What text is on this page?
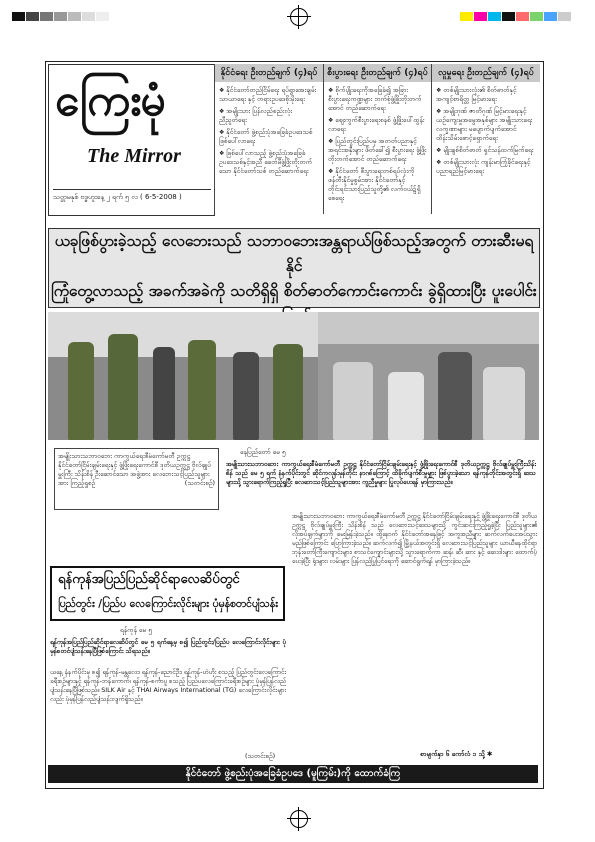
ကြေးမုံ
The Mirror
သတ္တမနှစ် ဗဒ္ဓဟူးနေ့ ၂ ရက် ၅ လ ( 6-5-2008 )
နိုင်ငံရေး ဦးတည်ချက် (၄)ရပ်
❖ နိုင်ငံတော်တည်ငြိမ်ရေး ရပ်ရွာအေးချမ်းသာယာရေး နှင့် တရားဥပဒေစိုးမိုးရေး
❖ အမျိုးသား ပြန်လည်စည်းလုံးညီညွတ်ရေး
❖ နိုင်ငံတော် ဖွဲ့စည်းပုံအခြေခံဥပဒေသစ် ဖြစ်ပေါ်လာရေး
❖ ဖြစ်ပေါ်လာသည့် ဖွဲ့စည်းပုံအခြေခံဥပဒေသစ်နှင့်အညီ ခေတ်မီဖွံ့ဖြိုးတိုးတက်သော နိုင်ငံတော်သစ် တည်ဆောက်ရေး
စီးပွားရေး ဦးတည်ချက် (၄)ရပ်
❖ စိုက်ပျိုးရေးကိုအခြေခံ၍ အခြားစီးပွားရေးကဏ္ဍများ ဘက်စုံဖွံ့ဖြိုးတိုးတက်အောင် တည်ဆောက်ရေး
❖ ဈေးကွက်စီးပွားရေးစနစ် ဖွံ့ဖြိုးပေါ်ထွန်းလာရေး
❖ ပြည်တွင်းပြည်ပမှ အတတ်ပညာနှင့် အရင်းအနှီးများ ဖိတ်ခေါ်၍ စီးပွားရေး ဖွံ့ဖြိုးတိုးတက်အောင် တည်ဆောက်ရေး
❖ နိုင်ငံတော် စီးပွားရေးတစ်ရပ်လုံးကို ဖန်တီးနိုင်မှုစွမ်းအား နိုင်ငံတော်နှင့် တိုင်းရင်းသားပြည်သူတို့၏ လက်ဝယ်၌ရှိစေရေး
လူမှုရေး ဦးတည်ချက် (၄)ရပ်
❖ တစ်မျိုးသားလုံး၏ စိတ်ဓာတ်နှင့် အကျင့်စာရိတ္တ မြင့်မားရေး
❖ အမျိုးဂုဏ် ဇာတိဂုဏ် မြင့်မားရေးနှင့် ယဉ်ကျေးမှုအမွေအနှစ်များ အမျိုးသားရေး လက္ခဏာများ မပျောက်ပျက်အောင် ထိန်းသိမ်းစောင့်ရှောက်ရေး
❖ မျိုးချစ်စိတ်ဓာတ် ရှင်သန်ထက်မြက်ရေး
❖ တစ်မျိုးသားလုံး ကျန်းမာကြံ့ခိုင်ရေးနှင့် ပညာရည်မြင့်မားရေး
ယခုဖြစ်ပွားခဲ့သည့် လေဘေးသည် သဘာဝဘေးအန္တရာယ်ဖြစ်သည့်အတွက် တားဆီးမရနိုင်
ကြုံတွေ့လာသည့် အခက်အခဲကို သတိရှိရှိ စိတ်ဓာတ်ကောင်းကောင်း ခွဲရှိထားပြီး ပူးပေါင်း
အမျိုးသားသဘာဝဘေး ကာကွယ်ရေးစီမံကော်မတီ ဥက္ကဋ္ဌ နိုင်ငံတော်ငြိမ်းချမ်းရေးနှင့် ဖွံ့ဖြိုးရေးကောင်စီ ဒုတိယဥက္ကဋ္ဌ ဗိုလ်ချုပ်မှူးကြီး သိန်းစိန် ဦးဆောင်သော အဖွဲ့အား လေဘေးသင့်ပြည်သူများ အား ကြည့်ရှုစဉ်	(သတင်းစဉ်)
နေပြည်တော် မေ ၅
အမျိုးသားသဘာဝဘေး ကာကွယ်ရေးစီမံကော်မတီ ဥက္ကဋ္ဌ နိုင်ငံတော်ငြိမ်းချမ်းရေးနှင့် ဖွံ့ဖြိုးရေးကောင်စီ ဒုတိယဥက္ကဋ္ဌ ဗိုလ်ချုပ်မှူးကြီးသိန်းစိန် သည် မေ ၅ ရက် နံနက်ပိုင်းတွင် ဆိုင်ကလုန်းမုန်တိုင်း နာဂစ်ကြောင့် ထိခိုက်ပျက်စီးမှုများ ဖြစ်ပွားခဲ့သော ရန်ကုန်တိုင်းအတွင်းရှိ ဒေသများသို့ သွားရောက်ကြည့်ရှုပြီး လေဘေးသင့်ပြည်သူများအား ကူညီမှုများ ပြုလုပ်ပေးရန် မှာကြားသည်။
အမျိုးသားသဘာဝဘေး ကာကွယ်ရေးစီမံကော်မတီ ဥက္ကဋ္ဌ နိုင်ငံတော်ငြိမ်းချမ်းရေးနှင့် ဖွံ့ဖြိုးရေးကောင်စီ ဒုတိယဥက္ကဋ္ဌ ဗိုလ်ချုပ်မှူးကြီး သိန်းစိန် သည် လေဘေးသင့်ဒေသများသို့ ကွင်းဆင်းကြည့်ရှုခဲ့ပြီး ပြည်သူများ၏ လိုအပ်ချက်များကို မေးမြန်းခဲ့သည်။ ထို့နောက် နိုင်ငံတော်အနေဖြင့် အကူအညီများ ဆက်လက်ပေးအပ်သွားမည်ဖြစ်ကြောင်း ပြောကြားခဲ့သည်။ ဆက်လက်၍ မြို့နယ်အတွင်းရှိ လေဘေးသင့်ပြည်သူများ ယာယီနေထိုင်ရာ ဘုန်းတော်ကြီးကျောင်းများ၊ စာသင်ကျောင်းများသို့ သွားရောက်ကာ ဆန်၊ ဆီ၊ ဆား နှင့် ဆေးဝါးများ ထောက်ပံ့ပေးခဲ့ပြီး ရုံးများ၊ လမ်းများ ပြန်လည်ပြုပြင်ရေးကို ဆောင်ရွက်ရန် မှာကြားခဲ့သည်။
စာမျက်နှာ ၆ ကော်လံ ၁ သို့ ✱
ရန်ကုန်အပြည်ပြည်ဆိုင်ရာလေဆိပ်တွင်
ပြည်တွင်း /ပြည်ပ လေကြောင်းလိုင်းများ ပုံမှန်စတင်ပျံသန်း
ရန်ကုန် မေ ၅
ရန်ကုန်အပြည်ပြည်ဆိုင်ရာလေဆိပ်တွင် မေ ၅ ရက်နေ့မှ စ၍ ပြည်တွင်း/ပြည်ပ လေကြောင်းလိုင်းများ ပုံမှန်စတင်ပျံသန်းနေပြီဖြစ်ကြောင်း သိရသည်။
ယနေ့ နံနက်ပိုင်းမှ စ၍ ရန်ကုန်-မန္တလေး၊ ရန်ကုန်-ညောင်ဦး၊ ရန်ကုန်-ဟဲဟိုး စသည့် ပြည်တွင်းလေကြောင်းခရီးစဉ်များနှင့် ရန်ကုန်-ဘန်ကောက်၊ ရန်ကုန်-စင်္ကာပူ စသည့် ပြည်ပလေကြောင်းခရီးစဉ်များ ပုံမှန်ပြန်လည်ပျံသန်းနေပြီဖြစ်သည်။ SILK Air နှင့် THAI Airways International (TG) လေကြောင်းလိုင်းများလည်း ပုံမှန်ပြန်လည်ပျံသန်းလျက်ရှိသည်။
(သတင်းစဉ်)
နိုင်ငံတော် ဖွဲ့စည်းပုံအခြေခံဥပဒေ (မူကြမ်း)ကို ထောက်ခံကြ
